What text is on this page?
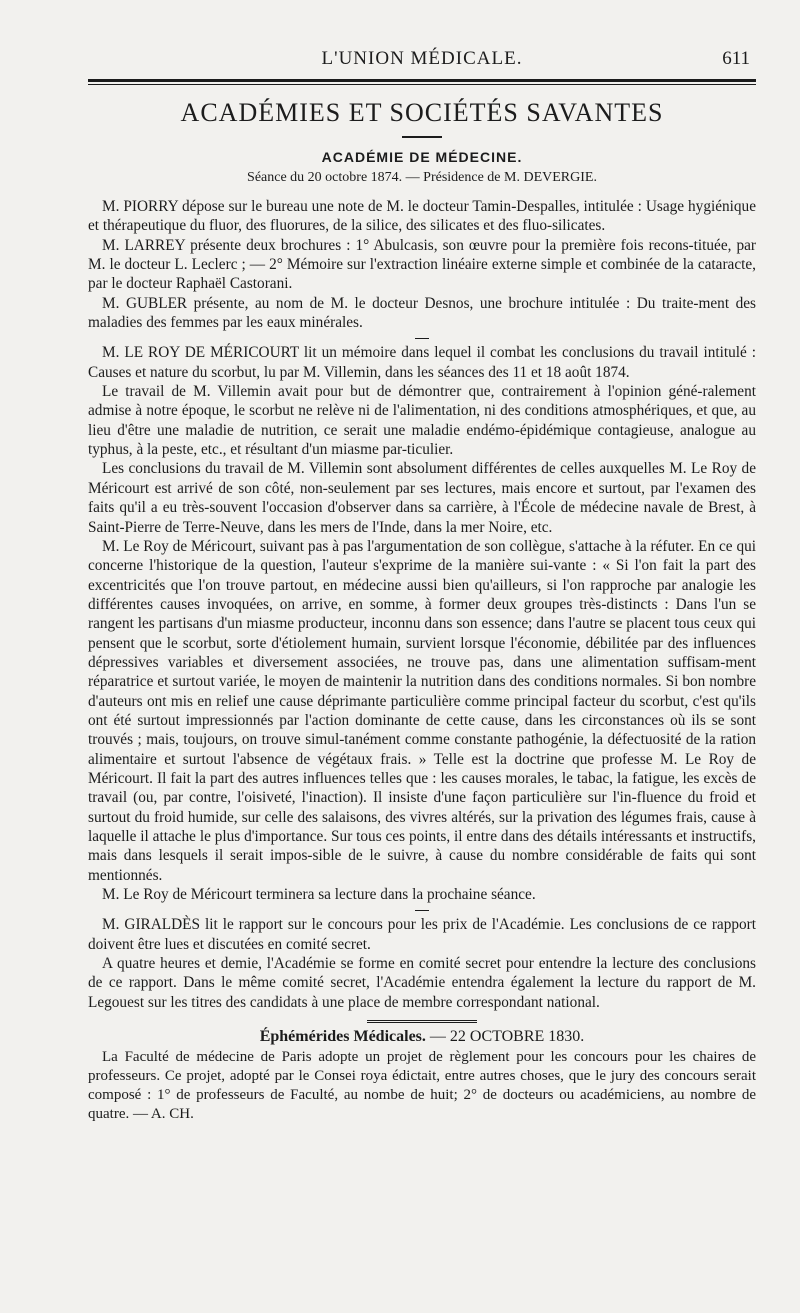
L'UNION MÉDICALE.	611
ACADÉMIES ET SOCIÉTÉS SAVANTES
ACADÉMIE DE MÉDECINE.
Séance du 20 octobre 1874. — Présidence de M. DEVERGIE.

M. PIORRY dépose sur le bureau une note de M. le docteur Tamin-Despalles, intitulée : Usage hygiénique et thérapeutique du fluor, des fluorures, de la silice, des silicates et des fluo-silicates.

M. LARREY présente deux brochures : 1° Abulcasis, son œuvre pour la première fois recons-tituée, par M. le docteur L. Leclerc ; — 2° Mémoire sur l'extraction linéaire externe simple et combinée de la cataracte, par le docteur Raphaël Castorani.

M. GUBLER présente, au nom de M. le docteur Desnos, une brochure intitulée : Du traite-ment des maladies des femmes par les eaux minérales.

M. LE ROY DE MÉRICOURT lit un mémoire dans lequel il combat les conclusions du travail intitulé : Causes et nature du scorbut, lu par M. Villemin, dans les séances des 11 et 18 août 1874.

Le travail de M. Villemin avait pour but de démontrer que, contrairement à l'opinion géné-ralement admise à notre époque, le scorbut ne relève ni de l'alimentation, ni des conditions atmosphériques, et que, au lieu d'être une maladie de nutrition, ce serait une maladie endémo-épidémique contagieuse, analogue au typhus, à la peste, etc., et résultant d'un miasme par-ticulier.

Les conclusions du travail de M. Villemin sont absolument différentes de celles auxquelles M. Le Roy de Méricourt est arrivé de son côté, non-seulement par ses lectures, mais encore et surtout, par l'examen des faits qu'il a eu très-souvent l'occasion d'observer dans sa carrière, à l'École de médecine navale de Brest, à Saint-Pierre de Terre-Neuve, dans les mers de l'Inde, dans la mer Noire, etc.

M. Le Roy de Méricourt, suivant pas à pas l'argumentation de son collègue, s'attache à la réfuter. En ce qui concerne l'historique de la question, l'auteur s'exprime de la manière sui-vante : « Si l'on fait la part des excentricités que l'on trouve partout, en médecine aussi bien qu'ailleurs, si l'on rapproche par analogie les différentes causes invoquées, on arrive, en somme, à former deux groupes très-distincts : Dans l'un se rangent les partisans d'un miasme producteur, inconnu dans son essence; dans l'autre se placent tous ceux qui pensent que le scorbut, sorte d'étiolement humain, survient lorsque l'économie, débilitée par des influences dépressives variables et diversement associées, ne trouve pas, dans une alimentation suffisam-ment réparatrice et surtout variée, le moyen de maintenir la nutrition dans des conditions normales. Si bon nombre d'auteurs ont mis en relief une cause déprimante particulière comme principal facteur du scorbut, c'est qu'ils ont été surtout impressionnés par l'action dominante de cette cause, dans les circonstances où ils se sont trouvés ; mais, toujours, on trouve simul-tanément comme constante pathogénie, la défectuosité de la ration alimentaire et surtout l'absence de végétaux frais. » Telle est la doctrine que professe M. Le Roy de Méricourt. Il fait la part des autres influences telles que : les causes morales, le tabac, la fatigue, les excès de travail (ou, par contre, l'oisiveté, l'inaction). Il insiste d'une façon particulière sur l'in-fluence du froid et surtout du froid humide, sur celle des salaisons, des vivres altérés, sur la privation des légumes frais, cause à laquelle il attache le plus d'importance. Sur tous ces points, il entre dans des détails intéressants et instructifs, mais dans lesquels il serait impos-sible de le suivre, à cause du nombre considérable de faits qui sont mentionnés.

M. Le Roy de Méricourt terminera sa lecture dans la prochaine séance.

M. GIRALDÈS lit le rapport sur le concours pour les prix de l'Académie. Les conclusions de ce rapport doivent être lues et discutées en comité secret.

A quatre heures et demie, l'Académie se forme en comité secret pour entendre la lecture des conclusions de ce rapport. Dans le même comité secret, l'Académie entendra également la lecture du rapport de M. Legouest sur les titres des candidats à une place de membre correspondant national.

Éphémérides Médicales. — 22 OCTOBRE 1830.

La Faculté de médecine de Paris adopte un projet de règlement pour les concours pour les chaires de professeurs. Ce projet, adopté par le Consei roya édictait, entre autres choses, que le jury des concours serait composé : 1° de professeurs de Faculté, au nombe de huit; 2° de docteurs ou académiciens, au nombre de quatre. — A. CH.
